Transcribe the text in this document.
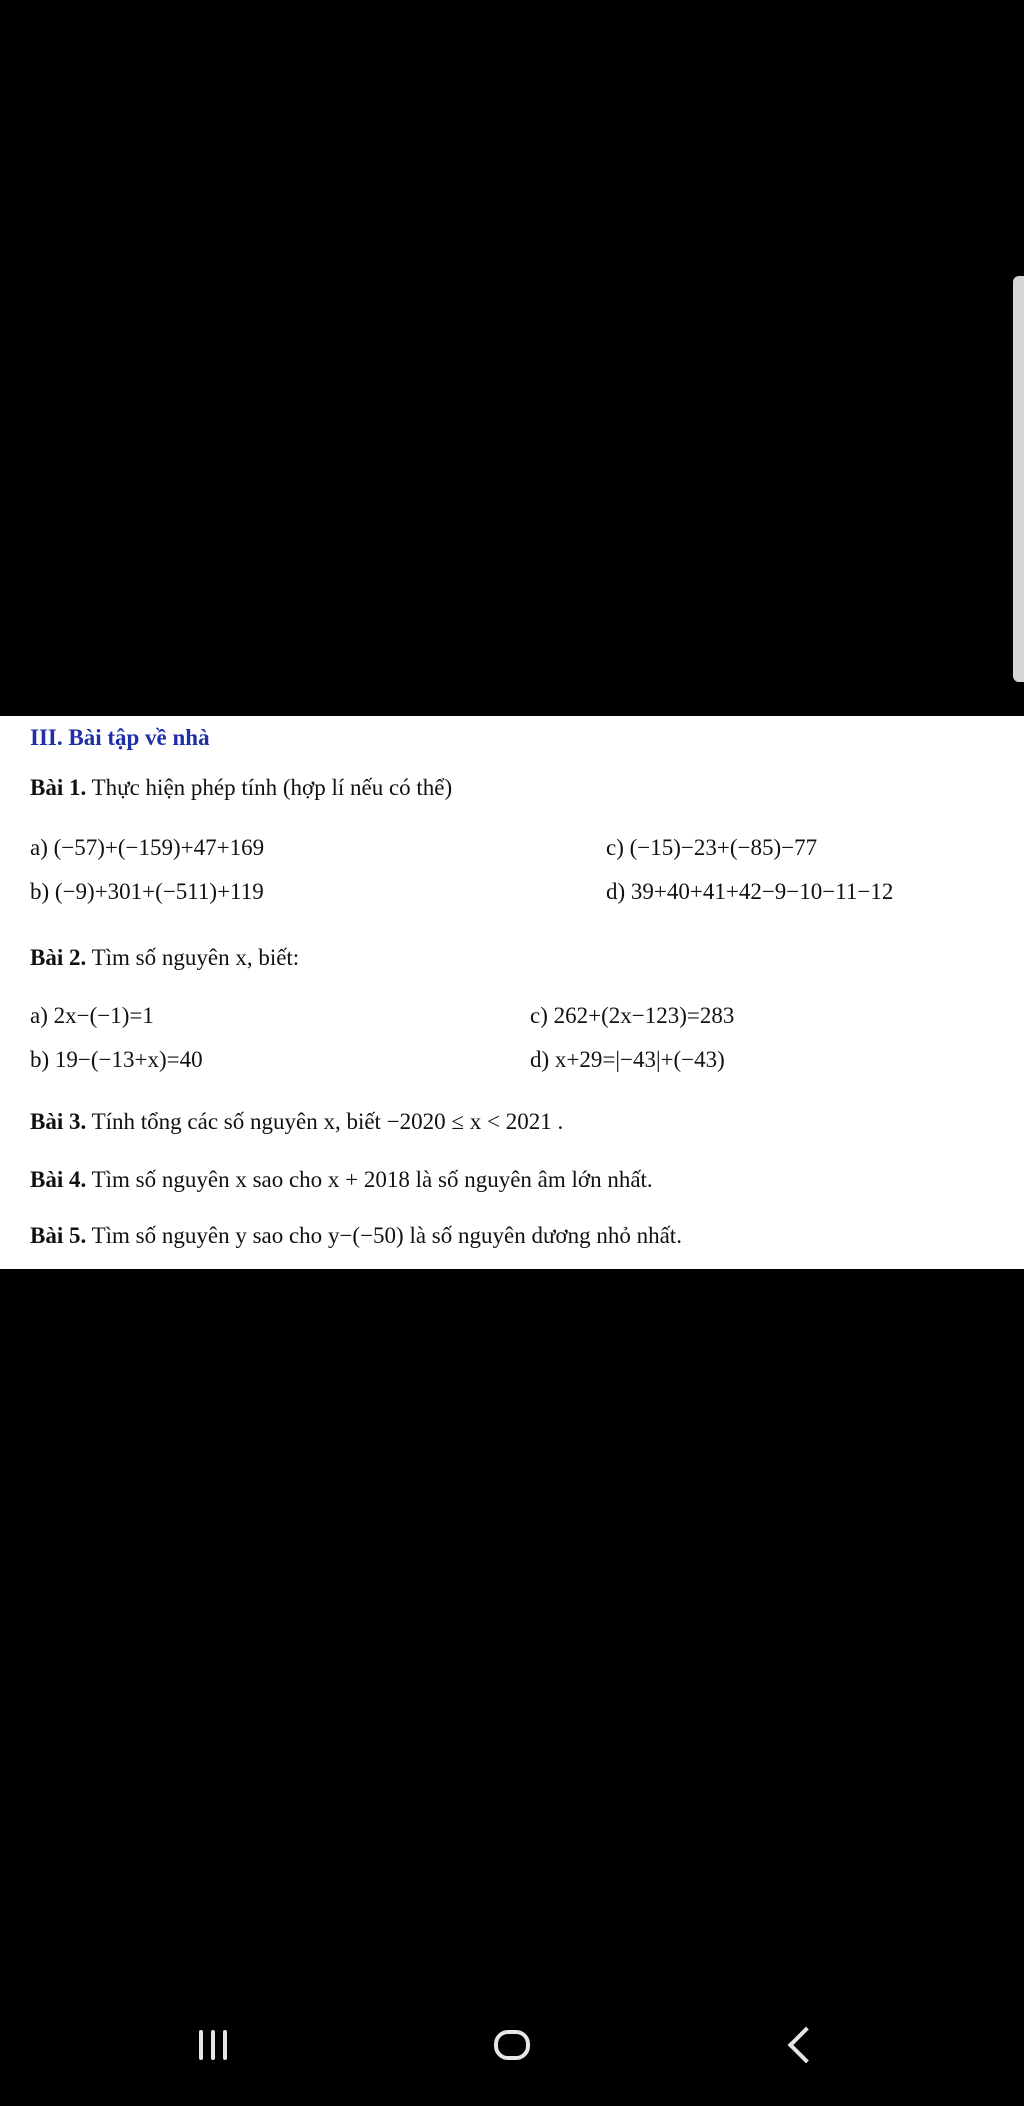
III. Bài tập về nhà
Bài 1. Thực hiện phép tính (hợp lí nếu có thể)
a) (−57)+(−159)+47+169	c) (−15)−23+(−85)−77
b) (−9)+301+(−511)+119	d) 39+40+41+42−9−10−11−12
Bài 2. Tìm số nguyên x, biết:
a) 2x−(−1)=1	c) 262+(2x−123)=283
b) 19−(−13+x)=40	d) x+29=|−43|+(−43)
Bài 3. Tính tổng các số nguyên x, biết −2020 ≤ x < 2021 .
Bài 4. Tìm số nguyên x sao cho x + 2018 là số nguyên âm lớn nhất.
Bài 5. Tìm số nguyên y sao cho y−(−50) là số nguyên dương nhỏ nhất.
